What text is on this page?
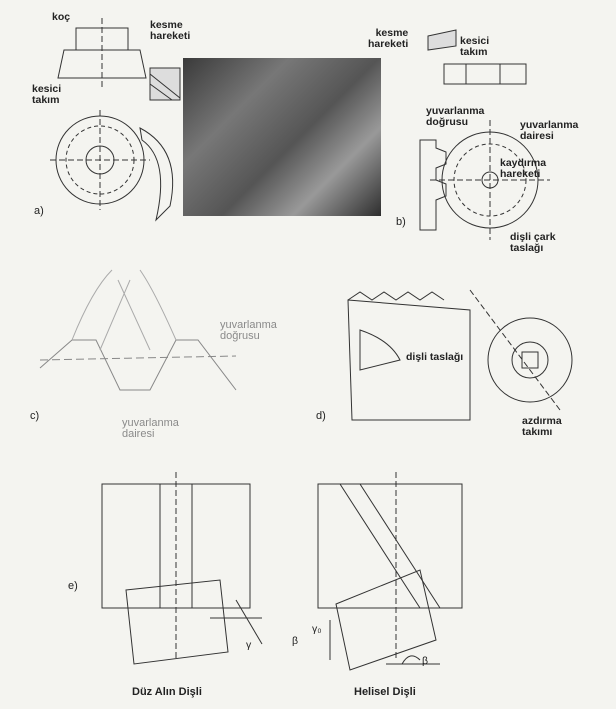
a)
b)
c)	d)
e)
koç
kesme
hareketi
kesici
takım
kesme
hareketi	kesici
takım
yuvarlanma
doğrusu	yuvarlanma
dairesi
kaydırma
hareketi
dişli çark
taslağı
yuvarlanma
doğrusu
yuvarlanma
dairesi
dişli taslağı
azdırma
takımı
γ	β
γ₀
β
Düz Alın Dişli	Helisel Dişli
